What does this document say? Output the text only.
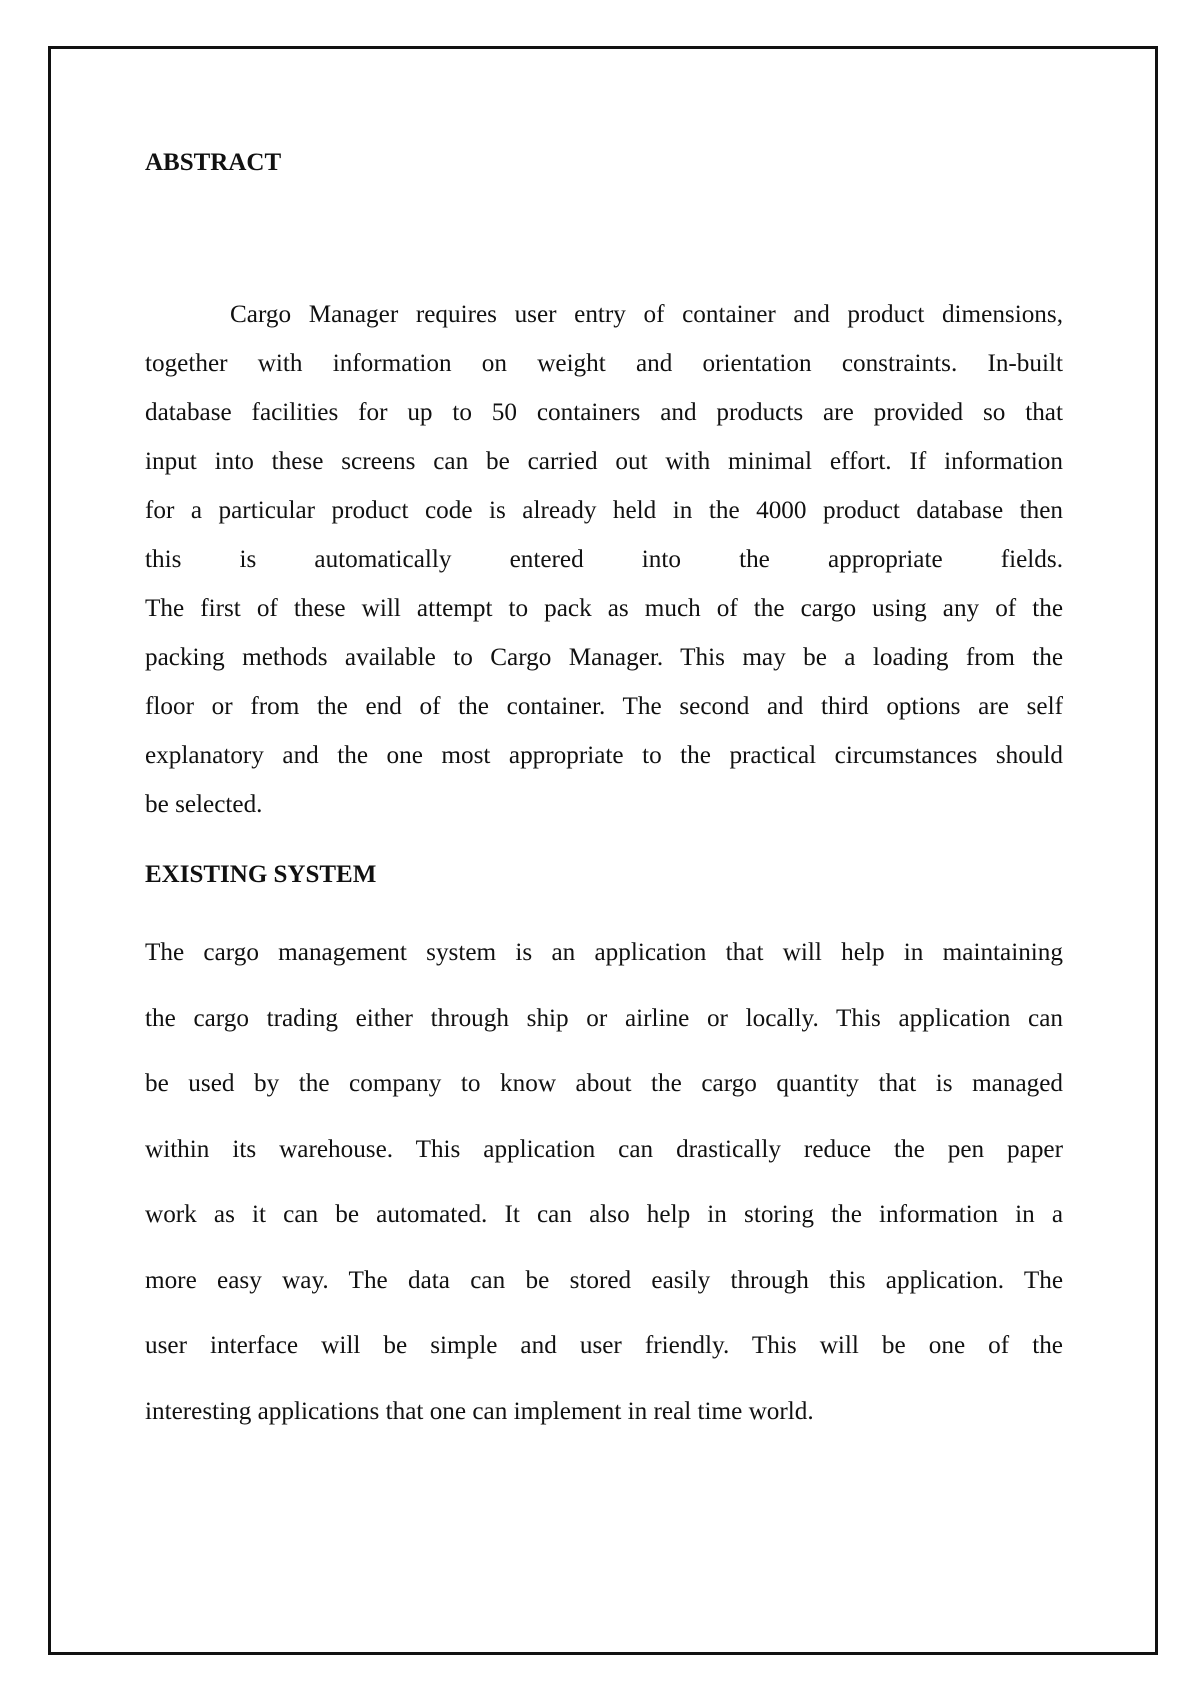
ABSTRACT
Cargo Manager requires user entry of container and product dimensions,
together with information on weight and orientation constraints. In-built
database facilities for up to 50 containers and products are provided so that
input into these screens can be carried out with minimal effort. If information
for a particular product code is already held in the 4000 product database then
this is automatically entered into the appropriate fields.
The first of these will attempt to pack as much of the cargo using any of the
packing methods available to Cargo Manager. This may be a loading from the
floor or from the end of the container. The second and third options are self
explanatory and the one most appropriate to the practical circumstances should
be selected.
EXISTING SYSTEM
The cargo management system is an application that will help in maintaining
the cargo trading either through ship or airline or locally. This application can
be used by the company to know about the cargo quantity that is managed
within its warehouse. This application can drastically reduce the pen paper
work as it can be automated. It can also help in storing the information in a
more easy way. The data can be stored easily through this application. The
user interface will be simple and user friendly. This will be one of the
interesting applications that one can implement in real time world.
